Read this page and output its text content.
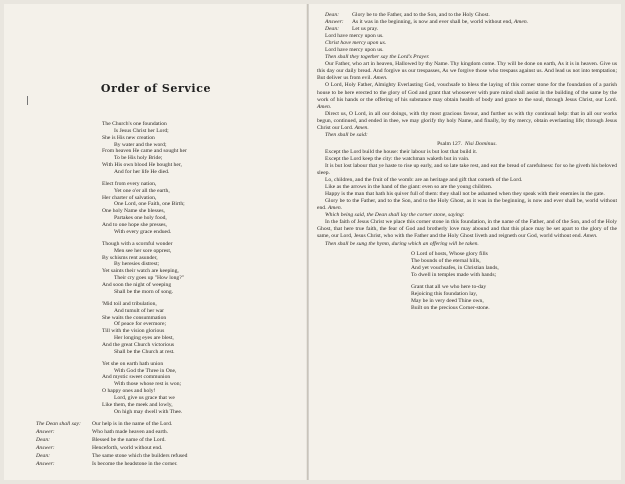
Order of Service
The Church's one foundation
Is Jesus Christ her Lord;
She is His new creation
By water and the word;
From heaven He came and sought her
To be His holy Bride;
With His own blood He bought her,
And for her life He died.
Elect from every nation,
Yet one o'er all the earth,
Her charter of salvation,
One Lord, one Faith, one Birth;
One holy Name she blesses,
Partakes one holy food,
And to one hope she presses,
With every grace endued.
Though with a scornful wonder
Men see her sore opprest,
By schisms rent asunder,
By heresies distrest;
Yet saints their watch are keeping,
Their cry goes up "How long?"
And soon the night of weeping
Shall be the morn of song.
'Mid toil and tribulation,
And tumult of her war
She waits the consummation
Of peace for evermore;
Till with the vision glorious
Her longing eyes are blest,
And the great Church victorious
Shall be the Church at rest.
Yet she on earth hath union
With God the Three in One,
And mystic sweet communion
With those whose rest is won;
O happy ones and holy!
Lord, give us grace that we
Like them, the meek and lowly,
On high may dwell with Thee.
The Dean shall say: Our help is in the name of the Lord.
Answer:	Who hath made heaven and earth.
Dean:	Blessed be the name of the Lord.
Answer:	Henceforth, world without end.
Dean:	The same stone which the builders refused
Answer:	Is become the headstone in the corner.
Dean: Glory be to the Father, and to the Son, and to the Holy Ghost.
Answer: As it was in the beginning, is now and ever shall be, world without end, Amen.
Dean: Let us pray.
Lord have mercy upon us.
Christ have mercy upon us.
Lord have mercy upon us.
Then shall they together say the Lord's Prayer.
Our Father, who art in heaven, Hallowed by thy Name. Thy kingdom come. Thy will be done on earth, As it is in heaven. Give us this day our daily bread. And forgive us our trespasses, As we forgive those who trespass against us. And lead us not into temptation; But deliver us from evil. Amen.
O Lord, Holy Father, Almighty Everlasting God, vouchsafe to bless the laying of this corner stone for the foundation of a parish house to be here erected to the glory of God and grant that whosoever with pure mind shall assist in the building of the same by the work of his hands or the offering of his substance may obtain health of body and grace to the soul, through Jesus Christ, our Lord. Amen.
Direct us, O Lord, in all our doings, with thy most gracious favour, and further us with thy continual help: that in all our works begun, continued, and ended in thee, we may glorify thy holy Name, and finally, by thy mercy, obtain everlasting life; through Jesus Christ our Lord. Amen.
Then shall be said:
Psalm 127. Nisi Dominus.
Except the Lord build the house: their labour is but lost that build it.
Except the Lord keep the city: the watchman waketh but in vain.
It is but lost labour that ye haste to rise up early, and so late take rest, and eat the bread of carefulness: for so he giveth his beloved sleep.
Lo, children, and the fruit of the womb: are an heritage and gift that cometh of the Lord.
Like as the arrows in the hand of the giant: even so are the young children.
Happy is the man that hath his quiver full of them: they shall not be ashamed when they speak with their enemies in the gate.
Glory be to the Father, and to the Son, and to the Holy Ghost, as it was in the beginning, is now and ever shall be, world without end. Amen.
Which being said, the Dean shall lay the corner stone, saying:
In the faith of Jesus Christ we place this corner stone in this foundation, in the name of the Father, and of the Son, and of the Holy Ghost, that here true faith, the fear of God and brotherly love may abound and that this place may be set apart to the glory of the same, our Lord, Jesus Christ, who with the Father and the Holy Ghost liveth and reigneth our God, world without end. Amen.
Then shall be sung the hymn, during which an offering will be taken.
O Lord of hosts, Whose glory fills
The bounds of the eternal hills,
And yet vouchsafes, in Christian lands,
To dwell in temples made with hands;
Grant that all we who here to-day
Rejoicing this foundation lay,
May be in very deed Thine own,
Built on the precious Corner-stone.
